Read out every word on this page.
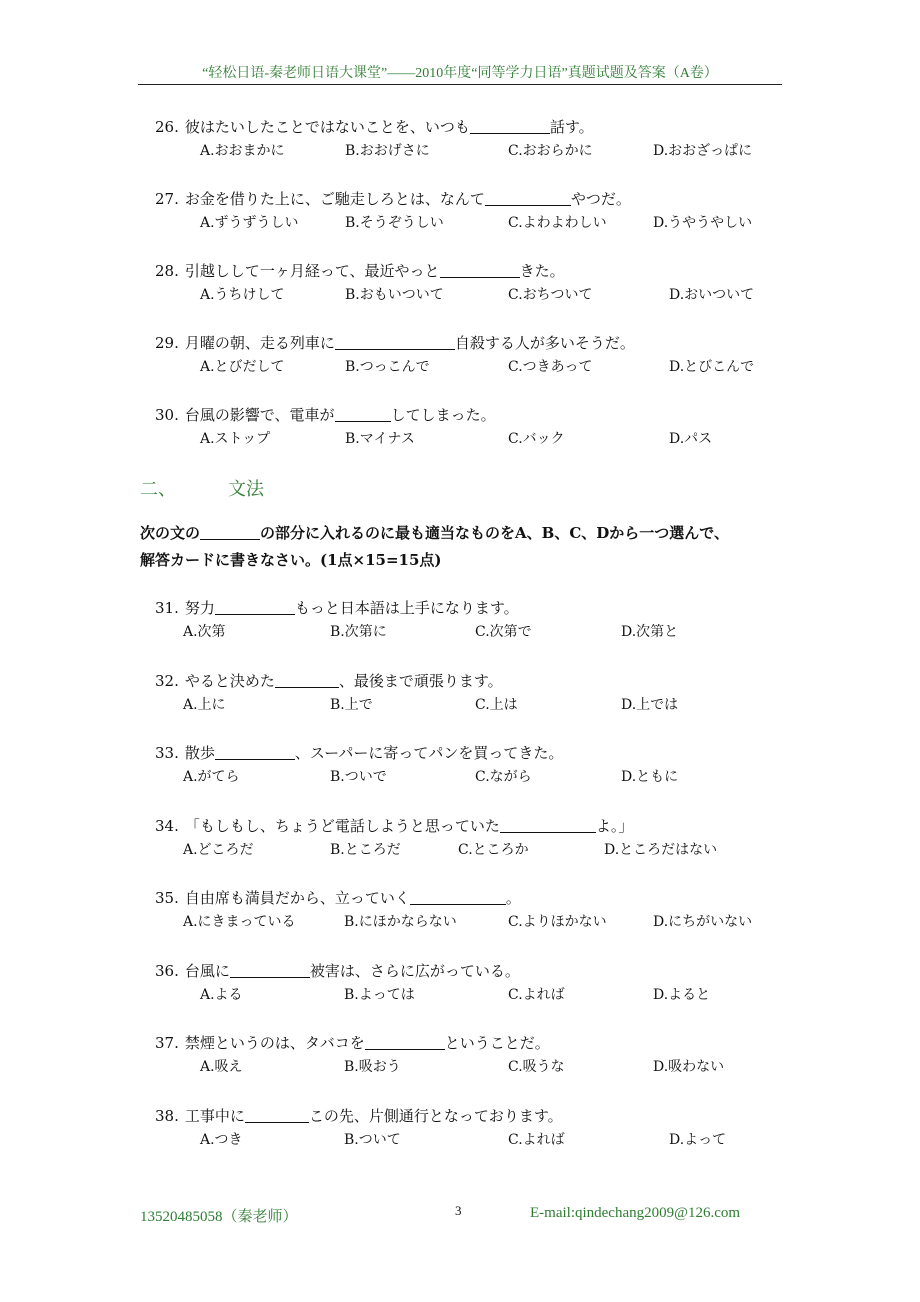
“轻松日语-秦老师日语大课堂”——2010年度“同等学力日语”真题试题及答案（A卷）
26. 彼はたいしたことではないことを、いつも	話す。
A.おおまかに	B.おおげさに	C.おおらかに	D.おおざっぱに
27. お金を借りた上に、ご馳走しろとは、なんて	やつだ。
A.ずうずうしい	B.そうぞうしい	C.よわよわしい	D.うやうやしい
28. 引越しして一ヶ月経って、最近やっと	きた。
A.うちけして	B.おもいついて	C.おちついて	D.おいついて
29. 月曜の朝、走る列車に	自殺する人が多いそうだ。
A.とびだして	B.つっこんで	C.つきあって	D.とびこんで
30. 台風の影響で、電車が	してしまった。
A.ストップ	B.マイナス	C.バック	D.パス
二、	文法
次の文の	の部分に入れるのに最も適当なものをA、B、C、Dから一つ選んで、
解答カードに書きなさい。(1点×15=15点)
31. 努力	もっと日本語は上手になります。
A.次第	B.次第に	C.次第で	D.次第と
32. やると決めた	、最後まで頑張ります。
A.上に	B.上で	C.上は	D.上では
33. 散歩	、スーパーに寄ってパンを買ってきた。
A.がてら	B.ついで	C.ながら	D.ともに
34. 「もしもし、ちょうど電話しようと思っていた	よ。」
A.どころだ	B.ところだ	C.ところか	D.ところだはない
35. 自由席も満員だから、立っていく	。
A.にきまっている	B.にほかならない	C.よりほかない	D.にちがいない
36. 台風に	被害は、さらに広がっている。
A.よる	B.よっては	C.よれば	D.よると
37. 禁煙というのは、タバコを	ということだ。
A.吸え	B.吸おう	C.吸うな	D.吸わない
38. 工事中に	この先、片側通行となっております。
A.つき	B.ついて	C.よれば	D.よって
13520485058（秦老师）	3	E-mail:qindechang2009@126.com
